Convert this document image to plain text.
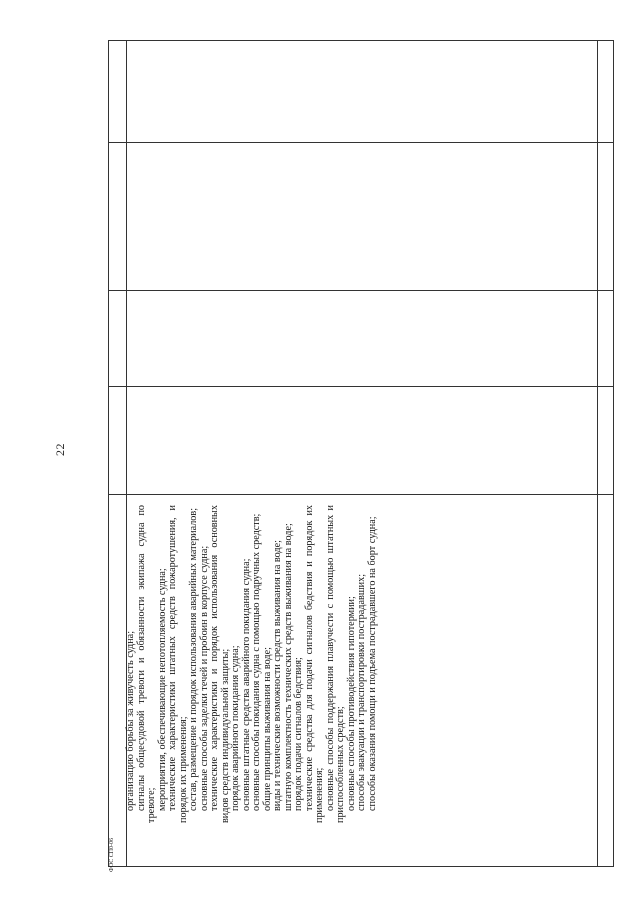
22
организацию борьбы за живучесть судна; сигналы общесудовой тревоги и обязанности экипажа судна по тревоге; мероприятия, обеспечивающие непотопляемость судна; технические характеристики штатных средств пожаротушения, и порядок их применения; состав, размещение и порядок использования аварийных материалов; основные способы заделки течей и пробоин в корпусе судна; технические характеристики и порядок использования основных видов средств индивидуальной защиты; порядок аварийного покидания судна; основные штатные средства аварийного покидания судна; основные способы покидания судна с помощью подручных средств; общие принципы выживания на воде; виды и технические возможности средств выживания на воде; штатную комплектность технических средств выживания на воде; порядок подачи сигналов бедствия; технические средства для подачи сигналов бедствия и порядок их применения; основные способы поддержания плавучести с помощью штатных и приспособленных средств; основные способы противодействия гипотермии; способы эвакуации и транспортировки пострадавших; способы оказания помощи и подъема пострадавшего на борт судна;
ФОС СП0-06
